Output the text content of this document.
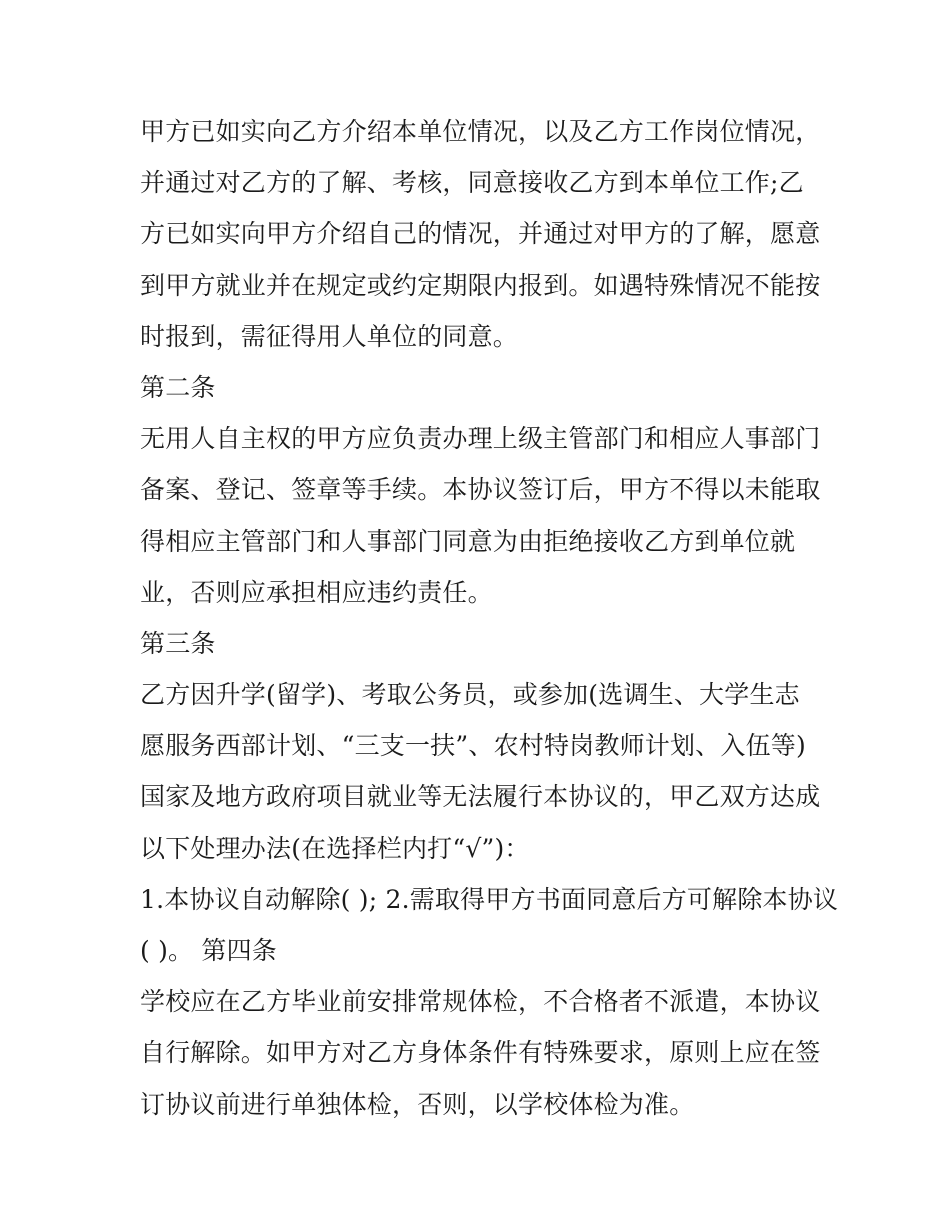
甲方已如实向乙方介绍本单位情况，以及乙方工作岗位情况，
并通过对乙方的了解、考核，同意接收乙方到本单位工作;乙
方已如实向甲方介绍自己的情况，并通过对甲方的了解，愿意
到甲方就业并在规定或约定期限内报到。如遇特殊情况不能按
时报到，需征得用人单位的同意。
第二条
无用人自主权的甲方应负责办理上级主管部门和相应人事部门
备案、登记、签章等手续。本协议签订后，甲方不得以未能取
得相应主管部门和人事部门同意为由拒绝接收乙方到单位就
业，否则应承担相应违约责任。
第三条
乙方因升学(留学)、考取公务员，或参加(选调生、大学生志
愿服务西部计划、“三支一扶”、农村特岗教师计划、入伍等)
国家及地方政府项目就业等无法履行本协议的，甲乙双方达成
以下处理办法(在选择栏内打“√”)：
1.本协议自动解除( ); 2.需取得甲方书面同意后方可解除本协议
( )。 第四条
学校应在乙方毕业前安排常规体检，不合格者不派遣，本协议
自行解除。如甲方对乙方身体条件有特殊要求，原则上应在签
订协议前进行单独体检，否则，以学校体检为准。
